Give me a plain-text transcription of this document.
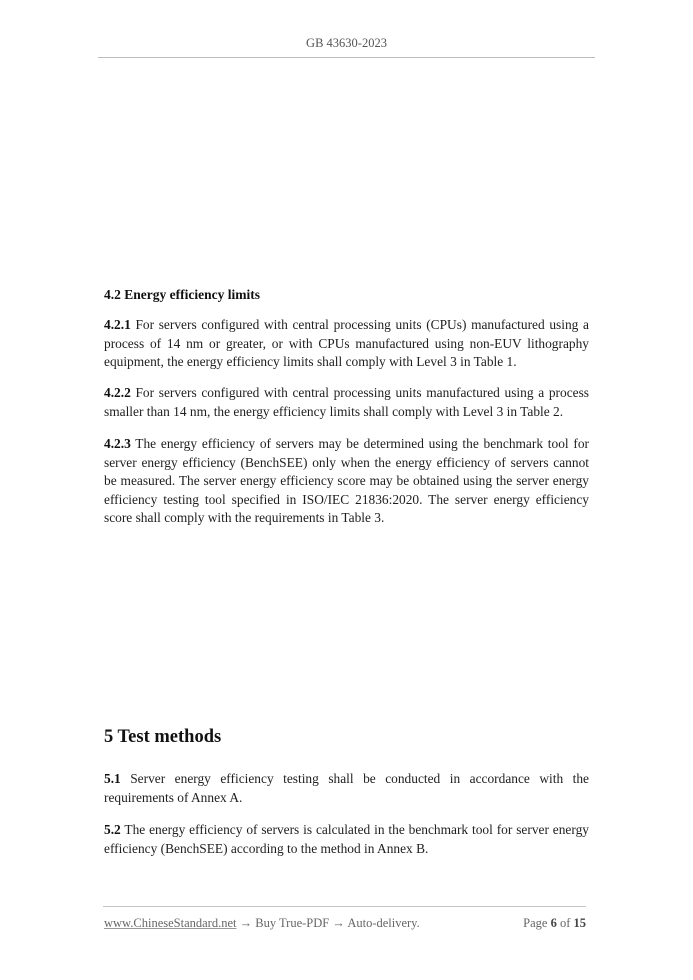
GB 43630-2023
4.2 Energy efficiency limits
4.2.1 For servers configured with central processing units (CPUs) manufactured using a process of 14 nm or greater, or with CPUs manufactured using non-EUV lithography equipment, the energy efficiency limits shall comply with Level 3 in Table 1.
4.2.2 For servers configured with central processing units manufactured using a process smaller than 14 nm, the energy efficiency limits shall comply with Level 3 in Table 2.
4.2.3 The energy efficiency of servers may be determined using the benchmark tool for server energy efficiency (BenchSEE) only when the energy efficiency of servers cannot be measured. The server energy efficiency score may be obtained using the server energy efficiency testing tool specified in ISO/IEC 21836:2020. The server energy efficiency score shall comply with the requirements in Table 3.
5 Test methods
5.1 Server energy efficiency testing shall be conducted in accordance with the requirements of Annex A.
5.2 The energy efficiency of servers is calculated in the benchmark tool for server energy efficiency (BenchSEE) according to the method in Annex B.
www.ChineseStandard.net → Buy True-PDF → Auto-delivery.	Page 6 of 15
